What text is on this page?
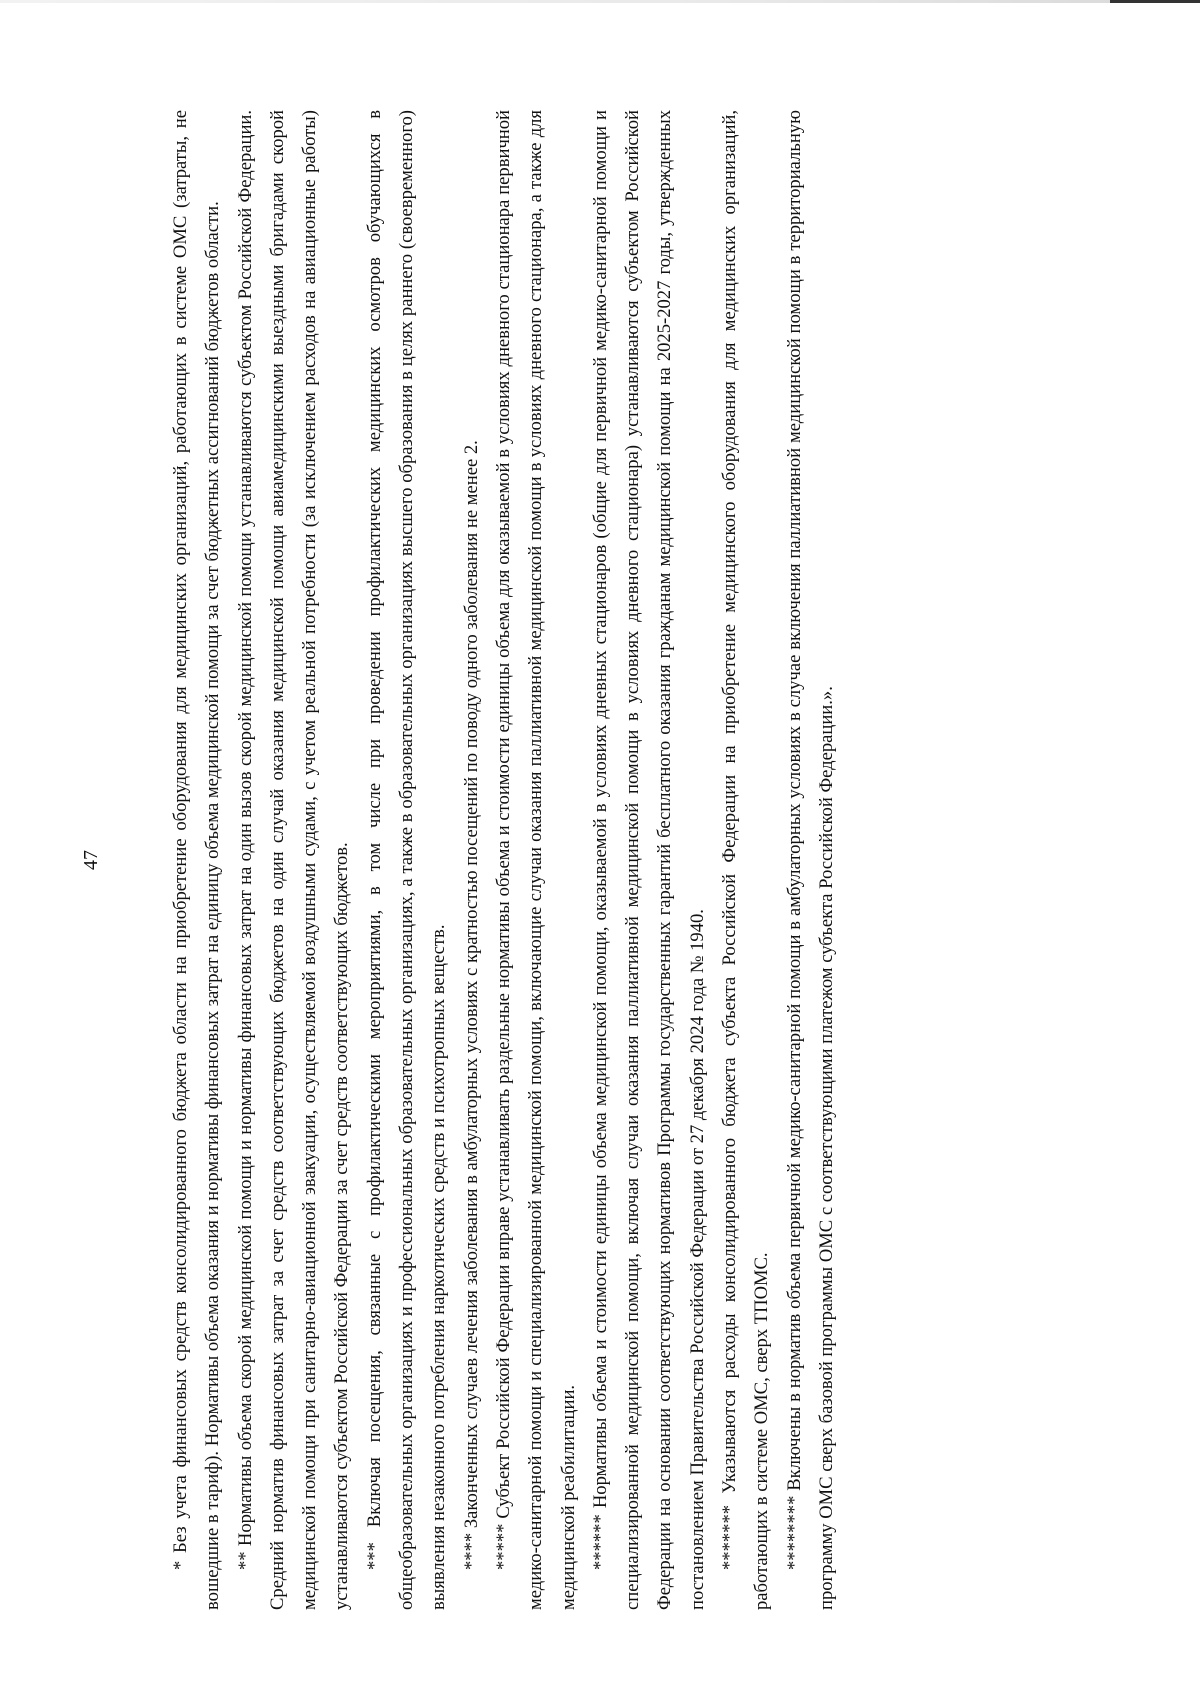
47

* Без учета финансовых средств консолидированного бюджета области на приобретение оборудования для медицинских организаций, работающих в системе ОМС (затраты, не вошедшие в тариф). Нормативы объема оказания и нормативы финансовых затрат на единицу объема медицинской помощи за счет бюджетных ассигнований бюджетов области. ** Нормативы объема скорой медицинской помощи и нормативы финансовых затрат на один вызов скорой медицинской помощи устанавливаются субъектом Российской Федерации. Средний норматив финансовых затрат за счет средств соответствующих бюджетов на один случай оказания медицинской помощи авиамедицинскими выездными бригадами скорой медицинской помощи при санитарно-авиационной эвакуации, осуществляемой воздушными судами, с учетом реальной потребности (за исключением расходов на авиационные работы) устанавливаются субъектом Российской Федерации за счет средств соответствующих бюджетов. *** Включая посещения, связанные с профилактическими мероприятиями, в том числе при проведении профилактических медицинских осмотров обучающихся в общеобразовательных организациях и профессиональных образовательных организациях, а также в образовательных организациях высшего образования в целях раннего (своевременного) выявления незаконного потребления наркотических средств и психотропных веществ. **** Законченных случаев лечения заболевания в амбулаторных условиях с кратностью посещений по поводу одного заболевания не менее 2.

***** Субъект Российской Федерации вправе устанавливать раздельные нормативы объема и стоимости единицы объема для оказываемой в условиях дневного стационара первичной медико-санитарной помощи и специализированной медицинской помощи, включающие случаи оказания паллиативной медицинской помощи в условиях дневного стационара, а также для медицинской реабилитации. ****** Нормативы объема и стоимости единицы объема медицинской помощи, оказываемой в условиях дневных стационаров (общие для первичной медико-санитарной помощи и специализированной медицинской помощи, включая случаи оказания паллиативной медицинской помощи в условиях дневного стационара) устанавливаются субъектом Российской Федерации на основании соответствующих нормативов Программы государственных гарантий бесплатного оказания гражданам медицинской помощи на 2025-2027 годы, утвержденных постановлением Правительства Российской Федерации от 27 декабря 2024 года № 1940. ******* Указываются расходы консолидированного бюджета субъекта Российской Федерации на приобретение медицинского оборудования для медицинских организаций, работающих в системе ОМС, сверх ТПОМС. ******** Включены в норматив объема первичной медико-санитарной помощи в амбулаторных условиях в случае включения паллиативной медицинской помощи в территориальную программу ОМС сверх базовой программы ОМС с соответствующими платежом субъекта Российской Федерации.».
